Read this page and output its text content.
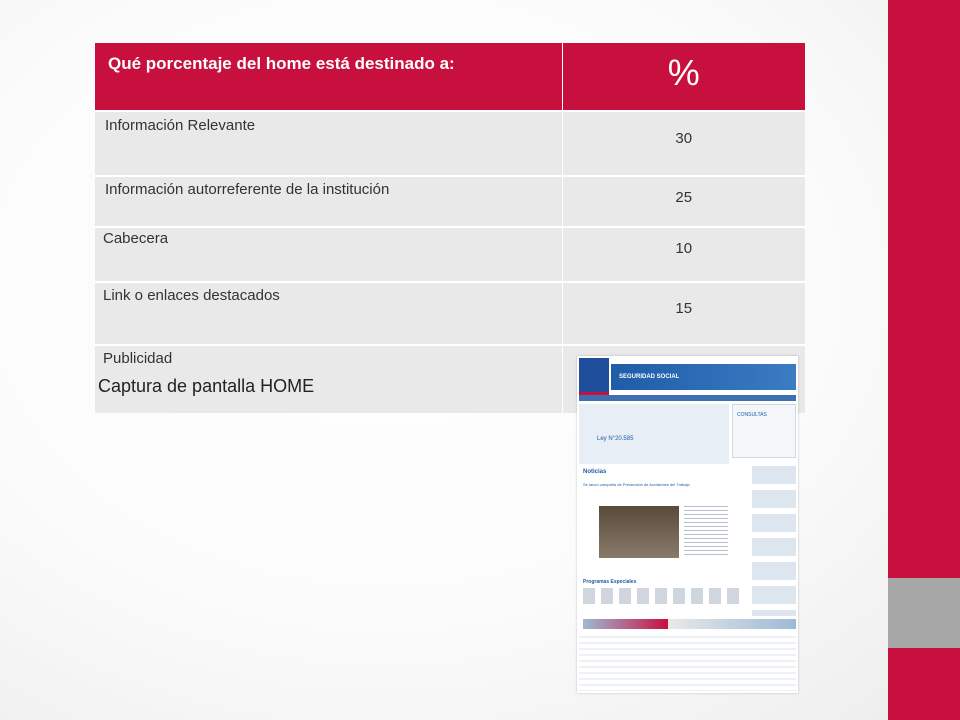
Qué porcentaje del home está destinado a:	%
Información Relevante	30
Información autorreferente de la institución	25
Cabecera	10
Link o enlaces destacados	15
Publicidad	
Captura de pantalla HOME	SEGURIDAD SOCIAL
Ley N°20.585
CONSULTAS
Noticias
Se lanzó campaña de Prevención de Accidentes del Trabajo
Programas Especiales
